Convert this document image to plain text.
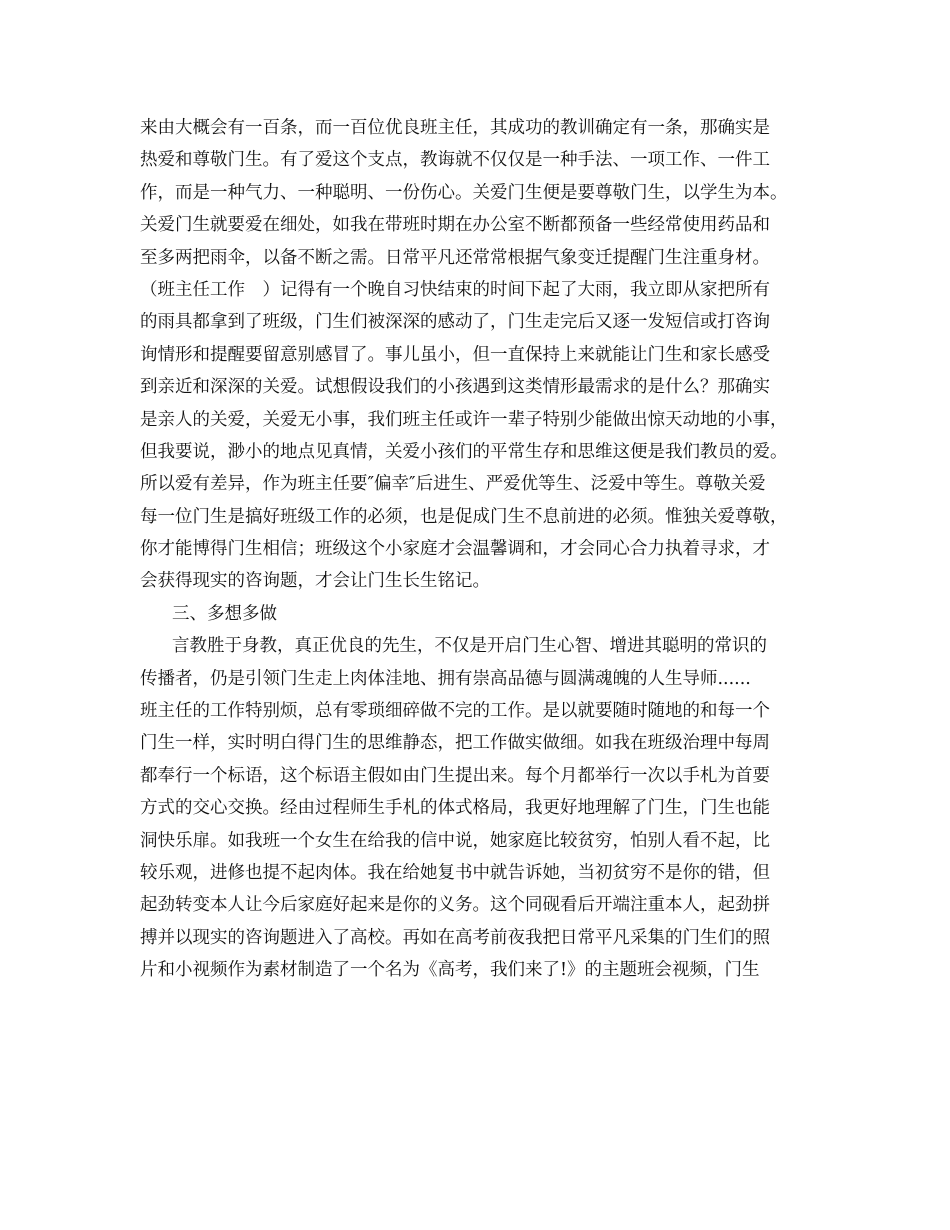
来由大概会有一百条，而一百位优良班主任，其成功的教训确定有一条，那确实是
热爱和尊敬门生。有了爱这个支点，教诲就不仅仅是一种手法、一项工作、一件工
作，而是一种气力、一种聪明、一份伤心。关爱门生便是要尊敬门生，以学生为本。
关爱门生就要爱在细处，如我在带班时期在办公室不断都预备一些经常使用药品和
至多两把雨伞，以备不断之需。日常平凡还常常根据气象变迁提醒门生注重身材。
（班主任工作　）记得有一个晚自习快结束的时间下起了大雨，我立即从家把所有
的雨具都拿到了班级，门生们被深深的感动了，门生走完后又逐一发短信或打咨询
询情形和提醒要留意别感冒了。事儿虽小，但一直保持上来就能让门生和家长感受
到亲近和深深的关爱。试想假设我们的小孩遇到这类情形最需求的是什么？那确实
是亲人的关爱，关爱无小事，我们班主任或许一辈子特别少能做出惊天动地的小事，
但我要说，渺小的地点见真情，关爱小孩们的平常生存和思维这便是我们教员的爱。
所以爱有差异，作为班主任要″偏幸″后进生、严爱优等生、泛爱中等生。尊敬关爱
每一位门生是搞好班级工作的必须，也是促成门生不息前进的必须。惟独关爱尊敬，
你才能博得门生相信；班级这个小家庭才会温馨调和，才会同心合力执着寻求，才
会获得现实的咨询题，才会让门生长生铭记。
三、多想多做
言教胜于身教，真正优良的先生，不仅是开启门生心智、增进其聪明的常识的
传播者，仍是引领门生走上肉体洼地、拥有崇高品德与圆满魂魄的人生导师......
班主任的工作特别烦，总有零琐细碎做不完的工作。是以就要随时随地的和每一个
门生一样，实时明白得门生的思维静态，把工作做实做细。如我在班级治理中每周
都奉行一个标语，这个标语主假如由门生提出来。每个月都举行一次以手札为首要
方式的交心交换。经由过程师生手札的体式格局，我更好地理解了门生，门生也能
洞快乐扉。如我班一个女生在给我的信中说，她家庭比较贫穷，怕别人看不起，比
较乐观，进修也提不起肉体。我在给她复书中就告诉她，当初贫穷不是你的错，但
起劲转变本人让今后家庭好起来是你的义务。这个同砚看后开端注重本人，起劲拼
搏并以现实的咨询题进入了高校。再如在高考前夜我把日常平凡采集的门生们的照
片和小视频作为素材制造了一个名为《高考，我们来了!》的主题班会视频，门生
